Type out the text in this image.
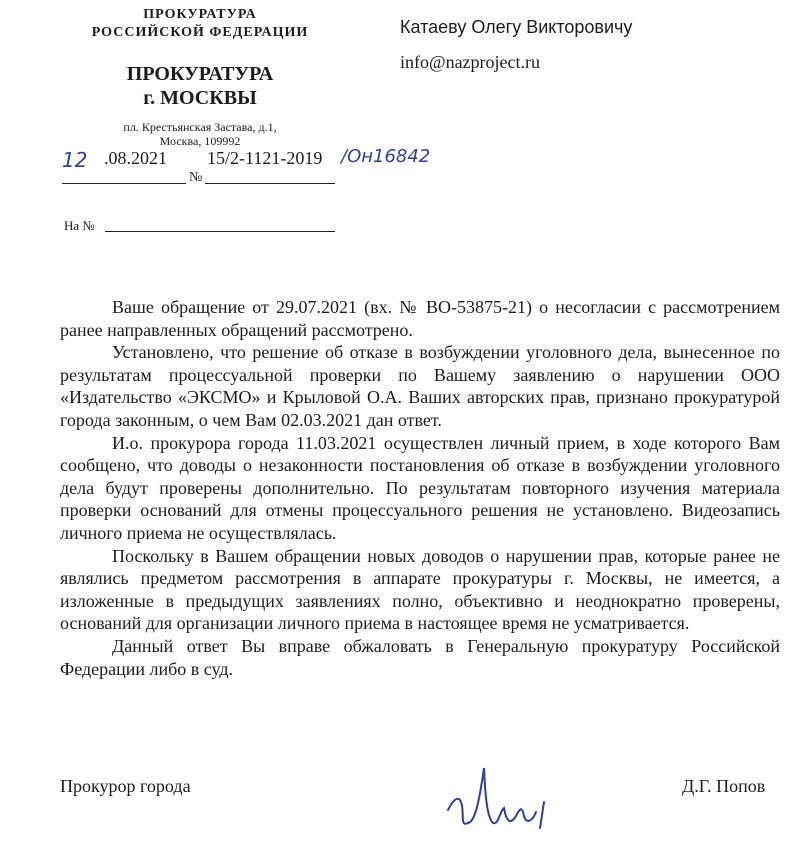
ПРОКУРАТУРА
РОССИЙСКОЙ ФЕДЕРАЦИИ
ПРОКУРАТУРА
г. МОСКВЫ
пл. Крестьянская Застава, д.1,
Москва, 109992
12 .08.2021 15/2-1121-2019 /Он16842
№
На №
Катаеву Олегу Викторовичу
info@nazproject.ru

Ваше обращение от 29.07.2021 (вх. № ВО-53875-21) о несогласии с рассмотрением ранее направленных обращений рассмотрено.

Установлено, что решение об отказе в возбуждении уголовного дела, вынесенное по результатам процессуальной проверки по Вашему заявлению о нарушении ООО «Издательство «ЭКСМО» и Крыловой О.А. Ваших авторских прав, признано прокуратурой города законным, о чем Вам 02.03.2021 дан ответ.

И.о. прокурора города 11.03.2021 осуществлен личный прием, в ходе которого Вам сообщено, что доводы о незаконности постановления об отказе в возбуждении уголовного дела будут проверены дополнительно. По результатам повторного изучения материала проверки оснований для отмены процессуального решения не установлено. Видеозапись личного приема не осуществлялась.

Поскольку в Вашем обращении новых доводов о нарушении прав, которые ранее не являлись предметом рассмотрения в аппарате прокуратуры г. Москвы, не имеется, а изложенные в предыдущих заявлениях полно, объективно и неоднократно проверены, оснований для организации личного приема в настоящее время не усматривается.

Данный ответ Вы вправе обжаловать в Генеральную прокуратуру Российской Федерации либо в суд.

Прокурор города	Д.Г. Попов
